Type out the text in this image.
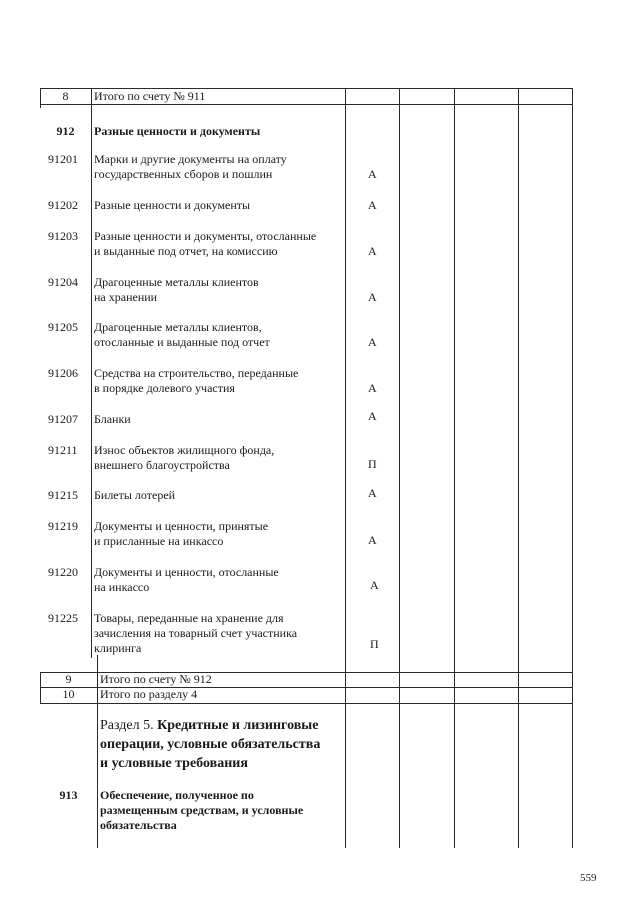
8	Итого по счету № 911
912	Разные ценности и документы
91201 Марки и другие документы на оплату
государственных сборов и пошлин	А
91202 Разные ценности и документы	А
91203 Разные ценности и документы, отосланные
и выданные под отчет, на комиссию	А
91204 Драгоценные металлы клиентов
на хранении	А
91205 Драгоценные металлы клиентов,
отосланные и выданные под отчет	А
91206 Средства на строительство, переданные
в порядке долевого участия	А
91207 Бланки	А
91211 Износ объектов жилищного фонда,
внешнего благоустройства	П
91215 Билеты лотерей	А
91219 Документы и ценности, принятые
и присланные на инкассо	А
91220 Документы и ценности, отосланные
на инкассо	А
91225 Товары, переданные на хранение для
зачисления на товарный счет участника
клиринга	П
9	Итого по счету № 912
10	Итого по разделу 4
Раздел 5. Кредитные и лизинговые
операции, условные обязательства
и условные требования
913	Обеспечение, полученное по
размещенным средствам, и условные
обязательства
559
